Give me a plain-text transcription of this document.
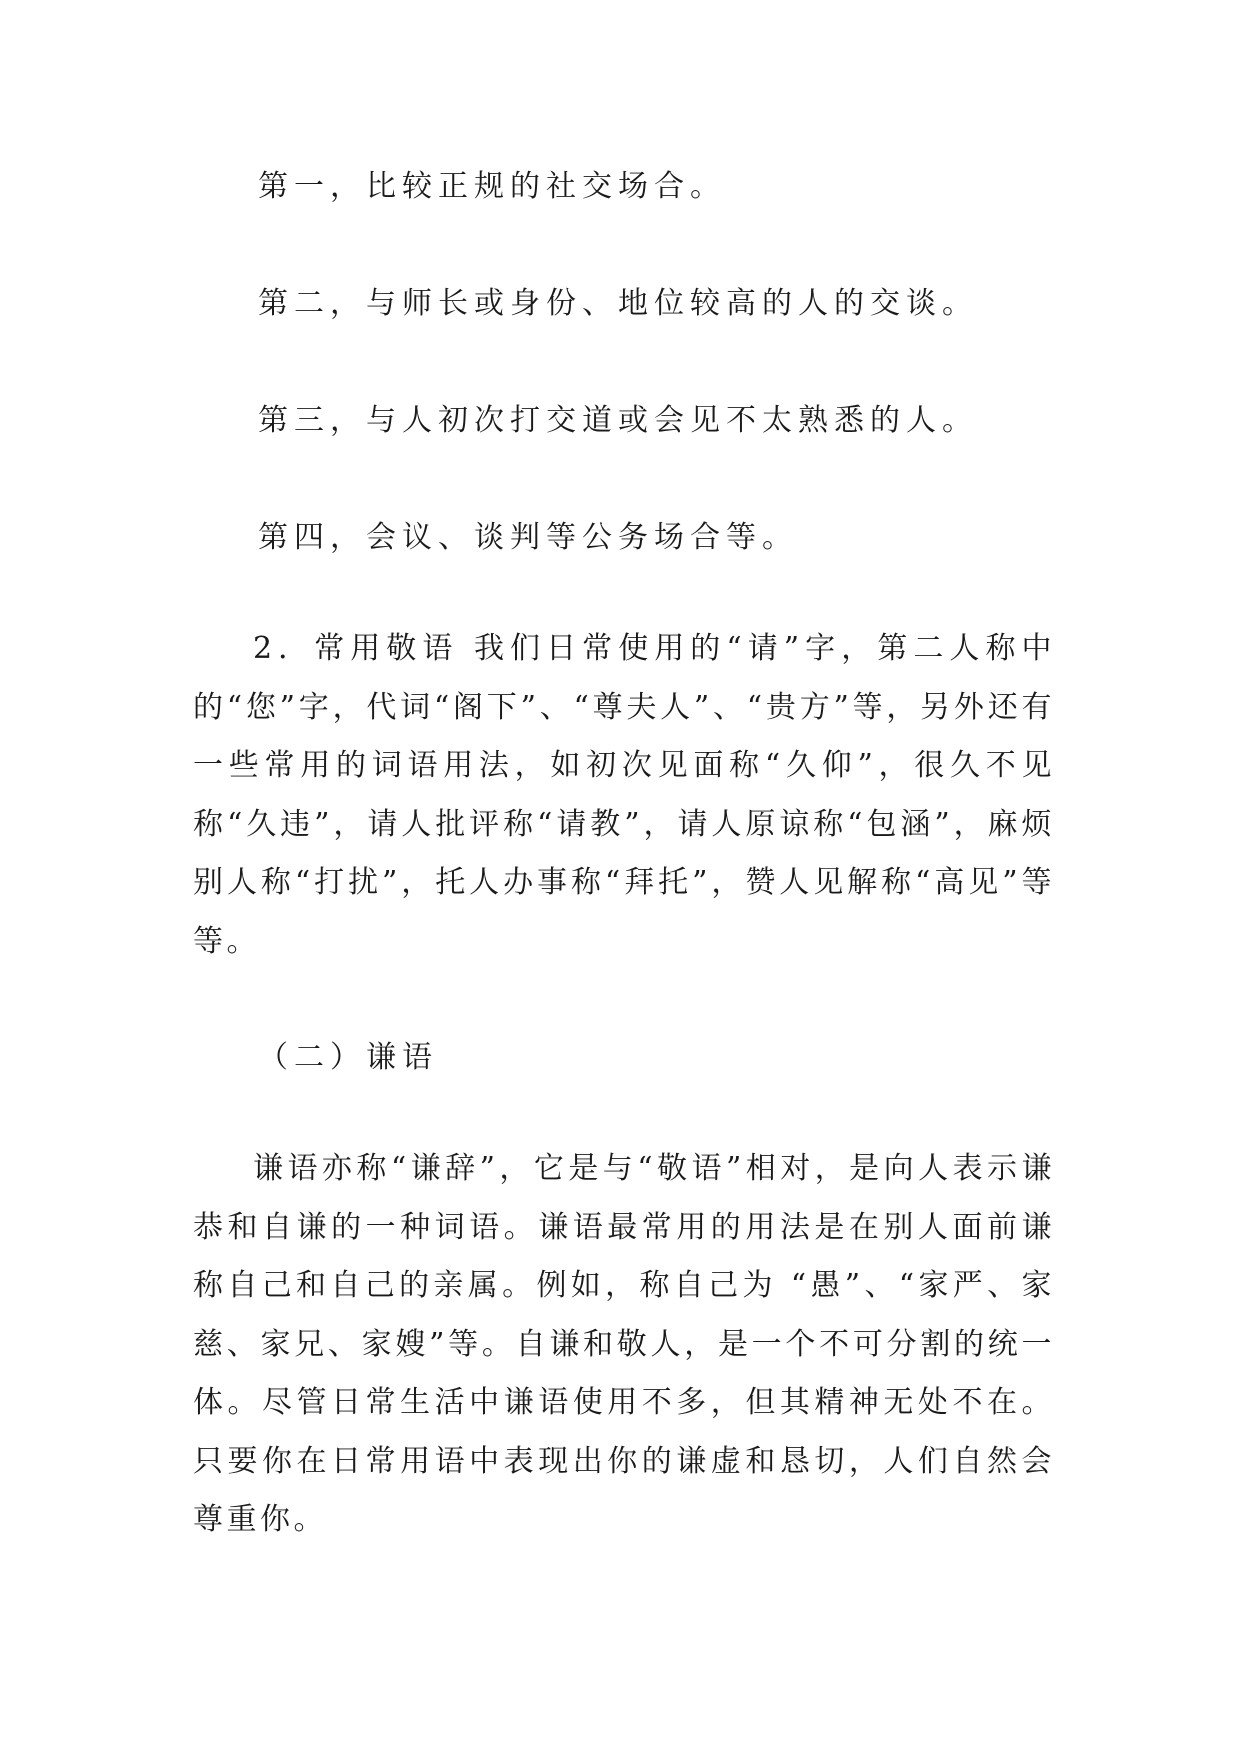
第一，比较正规的社交场合。
第二，与师长或身份、地位较高的人的交谈。
第三，与人初次打交道或会见不太熟悉的人。
第四，会议、谈判等公务场合等。
2．常用敬语 我们日常使用的“请”字，第二人称中的“您”字，代词“阁下”、“尊夫人”、“贵方”等，另外还有一些常用的词语用法，如初次见面称“久仰”，很久不见称“久违”，请人批评称“请教”，请人原谅称“包涵”，麻烦别人称“打扰”，托人办事称“拜托”，赞人见解称“高见”等等。
（二）谦语
谦语亦称“谦辞”，它是与“敬语”相对，是向人表示谦恭和自谦的一种词语。谦语最常用的用法是在别人面前谦称自己和自己的亲属。例如，称自己为 “愚”、“家严、家慈、家兄、家嫂”等。自谦和敬人，是一个不可分割的统一体。尽管日常生活中谦语使用不多，但其精神无处不在。只要你在日常用语中表现出你的谦虚和恳切，人们自然会尊重你。
